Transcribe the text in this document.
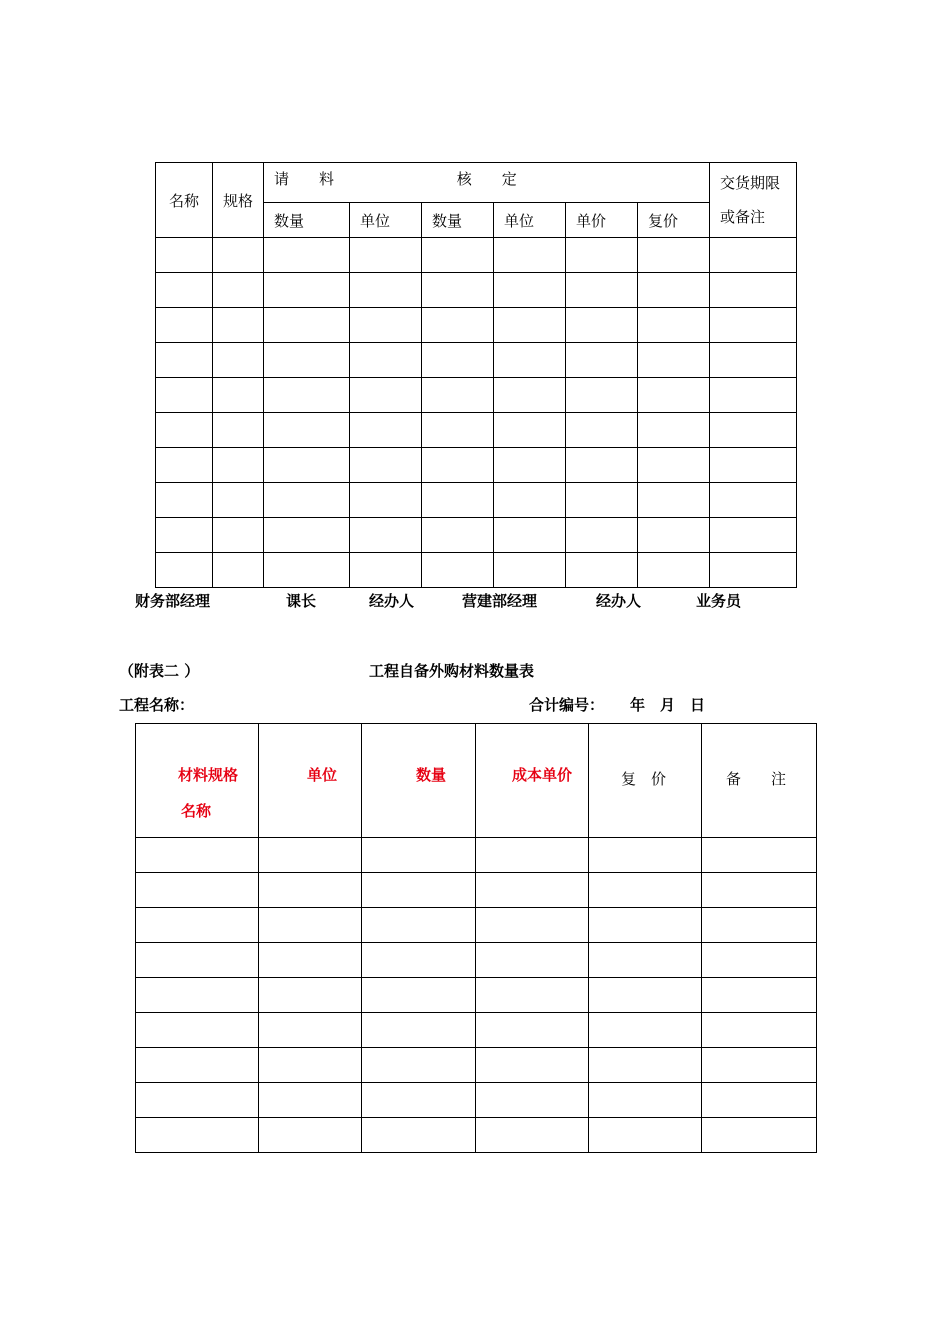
名称	规格	请　　料 核　　定						交货期限
或备注

		数量	单位	数量	单位	单价	复价	

财务部经理	课长	经办人	营建部经理	经办人	业务员
（附表二 ）	工程自备外购材料数量表
工程名称：	合计编号： 年　月　日
材料规格
名称	单位	数量	成本单价	复　价	备　　注
